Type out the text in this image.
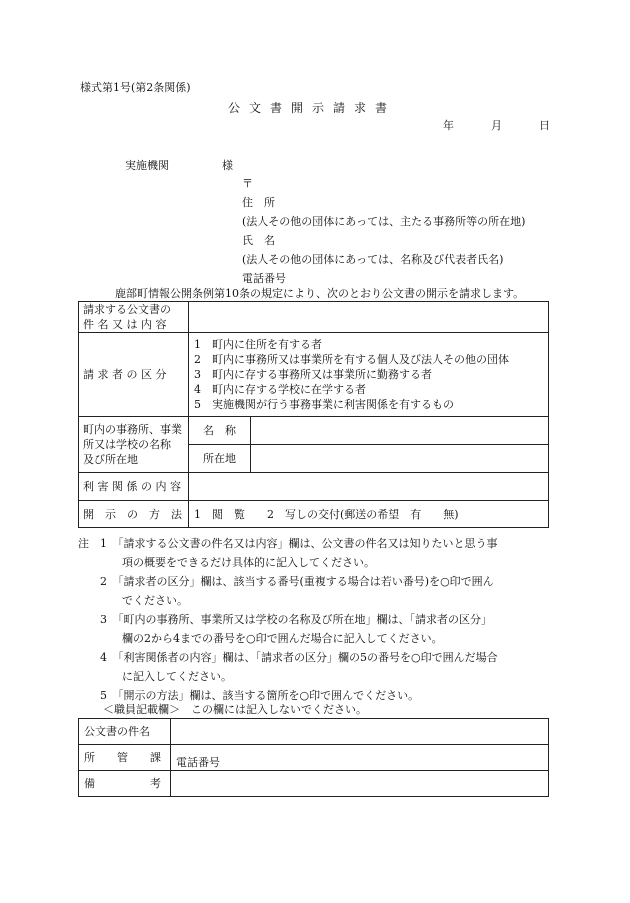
様式第1号(第2条関係)
公文書開示請求書
年	月	日
実施機関	様
〒
住　所
(法人その他の団体にあっては、主たる事務所等の所在地)
氏　名
(法人その他の団体にあっては、名称及び代表者氏名)
電話番号
鹿部町情報公開条例第10条の規定により、次のとおり公文書の開示を請求します。
請求する公文書の
件 名 又 は 内 容		
請 求 者 の 区 分	1　町内に住所を有する者
2　町内に事務所又は事業所を有する個人及び法人その他の団体
3　町内に存する事務所又は事業所に勤務する者
4　町内に存する学校に在学する者
5　実施機関が行う事務事業に利害関係を有するもの	

町内の事務所、事業
所又は学校の名称
及び所在地	名　称	
	所在地	
利 害 関 係 の 内 容		
開　示　の　方　法	1　閲　覧　　2　写しの交付(郵送の希望　有　　無)	
注　1　「請求する公文書の件名又は内容」欄は、公文書の件名又は知りたいと思う事
　　　　項の概要をできるだけ具体的に記入してください。
　　2　「請求者の区分」欄は、該当する番号(重複する場合は若い番号)を○印で囲ん
　　　　でください。
　　3　「町内の事務所、事業所又は学校の名称及び所在地」欄は、「請求者の区分」
　　　　欄の2から4までの番号を○印で囲んだ場合に記入してください。
　　4　「利害関係者の内容」欄は、「請求者の区分」欄の5の番号を○印で囲んだ場合
　　　　に記入してください。
　　5　「開示の方法」欄は、該当する箇所を○印で囲んでください。
＜職員記載欄＞　この欄には記入しないでください。
公文書の件名	
所　　管　　課	電話番号
備　　　　　考	
